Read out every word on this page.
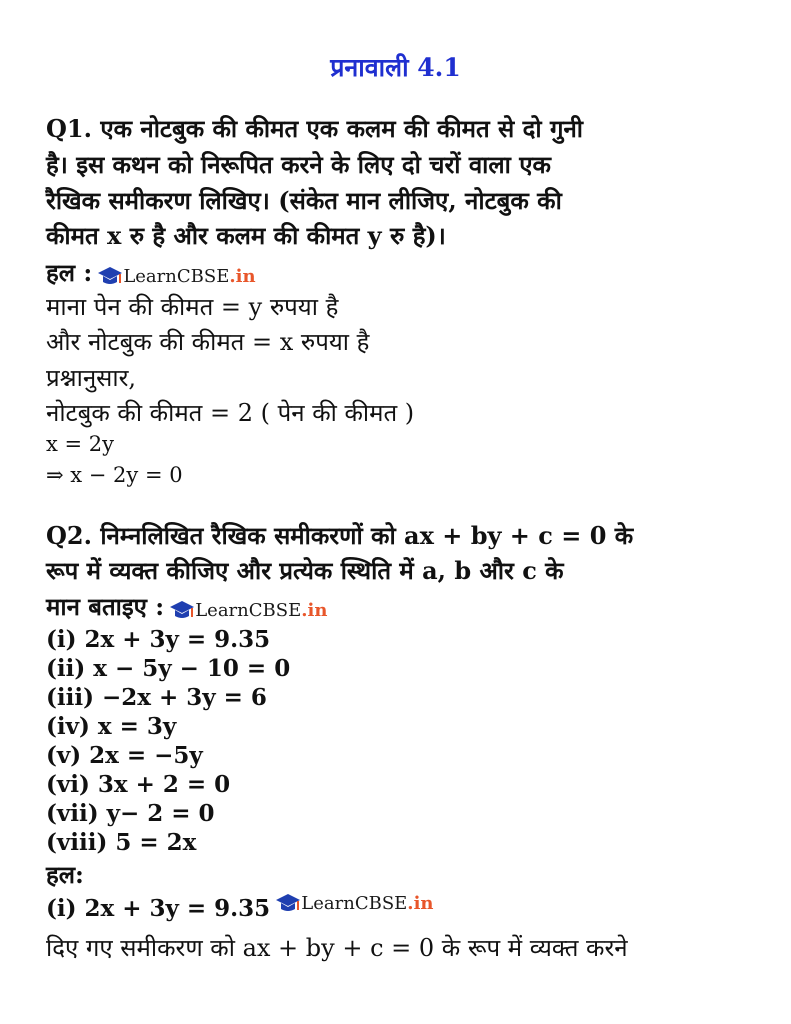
प्रनावाली 4.1
Q1. एक नोटबुक की कीमत एक कलम की कीमत से दो गुनी
है। इस कथन को निरूपित करने के लिए दो चरों वाला एक
रैखिक समीकरण लिखिए। (संकेत मान लीजिए, नोटबुक की
कीमत x रु है और कलम की कीमत y रु है)।
हल : LearnCBSE .in
माना पेन की कीमत = y रुपया है
और नोटबुक की कीमत = x रुपया है
प्रश्नानुसार,
नोटबुक की कीमत = 2 ( पेन की कीमत )
x = 2y
⇒ x − 2y = 0
Q2. निम्नलिखित रैखिक समीकरणों को ax + by + c = 0 के
रूप में व्यक्त कीजिए और प्रत्येक स्थिति में a, b और c के
मान बताइए : LearnCBSE .in
(i) 2x + 3y = 9.35
(ii) x − 5y − 10 = 0
(iii) −2x + 3y = 6
(iv) x = 3y
(v) 2x = −5y
(vi) 3x + 2 = 0
(vii) y− 2 = 0
(viii) 5 = 2x
हल:
(i) 2x + 3y = 9.35 LearnCBSE .in
दिए गए समीकरण को ax + by + c = 0 के रूप में व्यक्त करने
